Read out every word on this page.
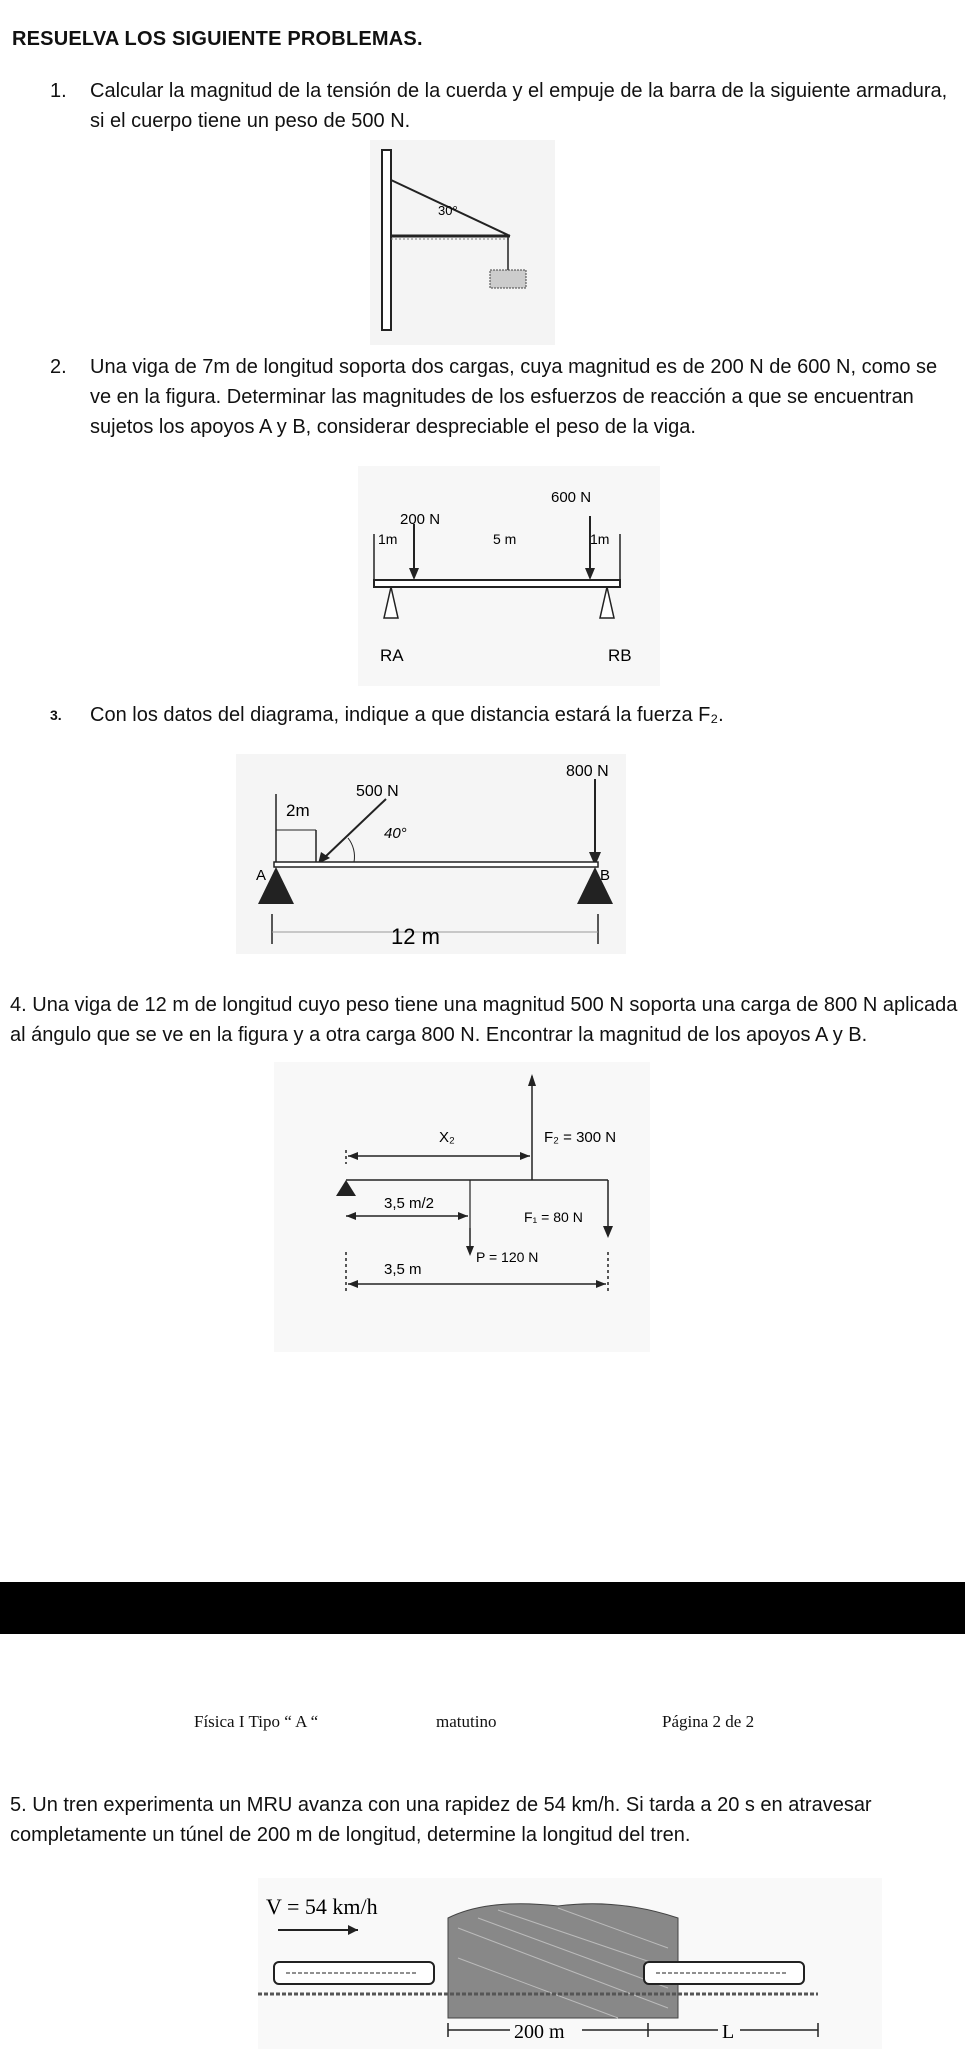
RESUELVA LOS SIGUIENTE PROBLEMAS.
1.	Calcular la magnitud de la tensión de la cuerda y el empuje de la barra de la siguiente armadura, si el cuerpo tiene un peso de 500 N.
30°
2.	Una viga de 7m de longitud soporta dos cargas, cuya magnitud es de 200 N de 600 N, como se ve en la figura. Determinar las magnitudes de los esfuerzos de reacción a que se encuentran sujetos los apoyos A y B, considerar despreciable el peso de la viga.
600 N
200 N
1m	5 m	1m
RA	RB
3.	Con los datos del diagrama, indique a que distancia estará la fuerza F₂.
800 N
500 N
2m
40°
A	B
12 m
4. Una viga de 12 m de longitud cuyo peso tiene una magnitud 500 N soporta una carga de 800 N aplicada al ángulo que se ve en la figura y a otra carga 800 N. Encontrar la magnitud de los apoyos A y B.
X₂	F₂ = 300 N
3,5 m/2
F₁ = 80 N
P = 120 N
3,5 m
Física I Tipo “ A “	matutino	Página 2 de 2
5. Un tren experimenta un MRU avanza con una rapidez de 54 km/h. Si tarda a 20 s en atravesar completamente un túnel de 200 m de longitud, determine la longitud del tren.
V = 54 km/h
200 m	L
